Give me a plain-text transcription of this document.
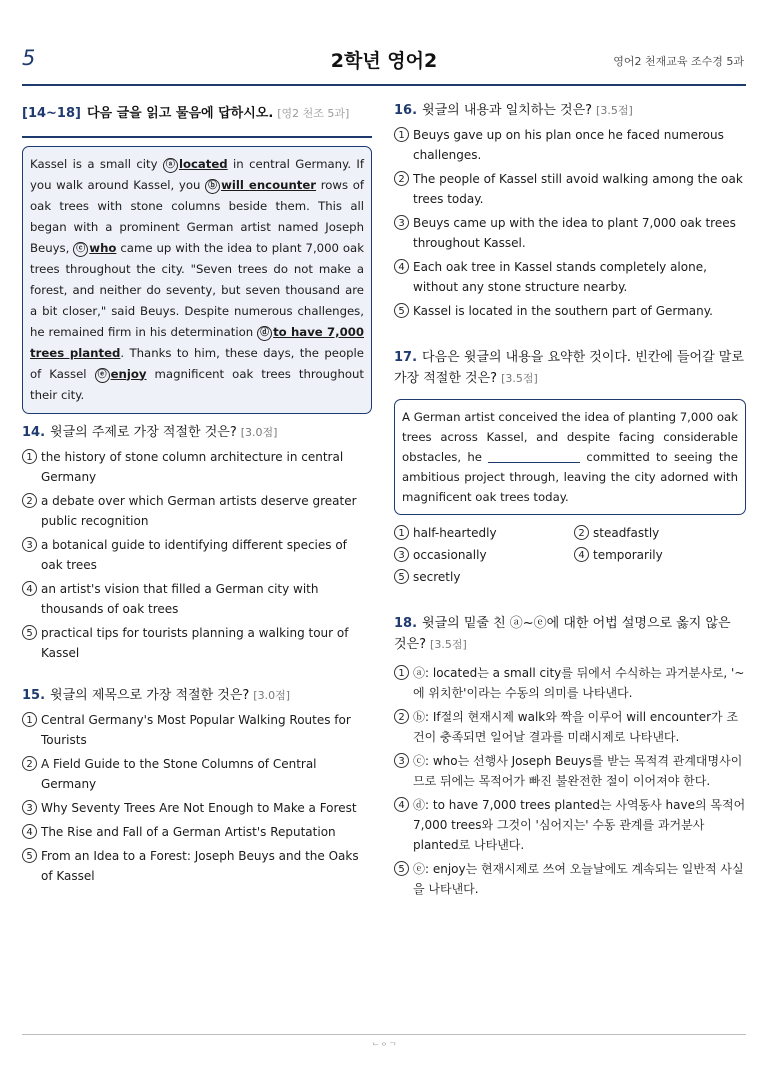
5	2학년 영어2	영어2 천재교육 조수경 5과
[14~18] 다음 글을 읽고 물음에 답하시오. [영2 천조 5과]
Kassel is a small city ⓐ located in central Germany. If you walk around Kassel, you ⓑ will encounter rows of oak trees with stone columns beside them. This all began with a prominent German artist named Joseph Beuys, ⓒ who came up with the idea to plant 7,000 oak trees throughout the city. "Seven trees do not make a forest, and neither do seventy, but seven thousand are a bit closer," said Beuys. Despite numerous challenges, he remained firm in his determination ⓓ to have 7,000 trees planted. Thanks to him, these days, the people of Kassel ⓔ enjoy magnificent oak trees throughout their city.
14. 윗글의 주제로 가장 적절한 것은? [3.0점]
1 the history of stone column architecture in central Germany
2 a debate over which German artists deserve greater public recognition
3 a botanical guide to identifying different species of oak trees
4 an artist's vision that filled a German city with thousands of oak trees
5 practical tips for tourists planning a walking tour of Kassel
15. 윗글의 제목으로 가장 적절한 것은? [3.0점]
1 Central Germany's Most Popular Walking Routes for Tourists
2 A Field Guide to the Stone Columns of Central Germany
3 Why Seventy Trees Are Not Enough to Make a Forest
4 The Rise and Fall of a German Artist's Reputation
5 From an Idea to a Forest: Joseph Beuys and the Oaks of Kassel
16. 윗글의 내용과 일치하는 것은? [3.5점]
1 Beuys gave up on his plan once he faced numerous challenges.
2 The people of Kassel still avoid walking among the oak trees today.
3 Beuys came up with the idea to plant 7,000 oak trees throughout Kassel.
4 Each oak tree in Kassel stands completely alone, without any stone structure nearby.
5 Kassel is located in the southern part of Germany.
17. 다음은 윗글의 내용을 요약한 것이다. 빈칸에 들어갈 말로 가장 적절한 것은? [3.5점]
A German artist conceived the idea of planting 7,000 oak trees across Kassel, and despite facing considerable obstacles, he	committed to seeing the ambitious project through, leaving the city adorned with magnificent oak trees today.
1 half-heartedly	2 steadfastly
3 occasionally	4 temporarily
5 secretly
18. 윗글의 밑줄 친 ⓐ~ⓔ에 대한 어법 설명으로 옳지 않은 것은? [3.5점]
1 ⓐ: located는 a small city를 뒤에서 수식하는 과거분사로, '~에 위치한'이라는 수동의 의미를 나타낸다.
2 ⓑ: If절의 현재시제 walk와 짝을 이루어 will encounter가 조건이 충족되면 일어날 결과를 미래시제로 나타낸다.
3 ⓒ: who는 선행사 Joseph Beuys를 받는 목적격 관계대명사이므로 뒤에는 목적어가 빠진 불완전한 절이 이어져야 한다.
4 ⓓ: to have 7,000 trees planted는 사역동사 have의 목적어 7,000 trees와 그것이 '심어지는' 수동 관계를 과거분사 planted로 나타낸다.
5 ⓔ: enjoy는 현재시제로 쓰여 오늘날에도 계속되는 일반적 사실을 나타낸다.
ᄂᄋᄀ
